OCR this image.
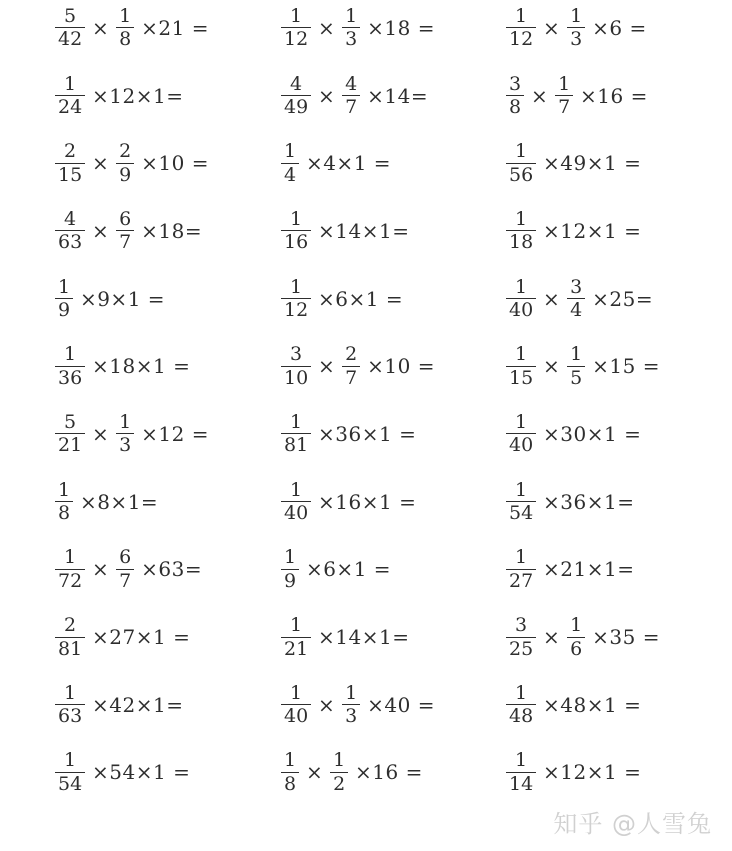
$\frac{5}{42} \times \frac{1}{8} \times 21$ =	$\frac{1}{12} \times \frac{1}{3} \times 18$ =	$\frac{1}{12} \times \frac{1}{3} \times 6$ =
$\frac{1}{24} \times 12\times 1=$	$\frac{4}{49} \times \frac{4}{7} \times 14=$	$\frac{3}{8} \times \frac{1}{7} \times 16$ =
$\frac{2}{15} \times \frac{2}{9} \times 10$ =	$\frac{1}{4} \times 4\times 1$ =	$\frac{1}{56} \times 49\times 1$ =
$\frac{4}{63} \times \frac{6}{7} \times 18=$	$\frac{1}{16} \times 14\times 1=$	$\frac{1}{18} \times 12\times 1$ =
$\frac{1}{9} \times 9\times 1$ =	$\frac{1}{12} \times 6\times 1$ =	$\frac{1}{40} \times \frac{3}{4} \times 25=$
$\frac{1}{36} \times 18\times 1$ =	$\frac{3}{10} \times \frac{2}{7} \times 10$ =	$\frac{1}{15} \times \frac{1}{5} \times 15$ =
$\frac{5}{21} \times \frac{1}{3} \times 12$ =	$\frac{1}{81} \times 36\times 1$ =	$\frac{1}{40} \times 30\times 1$ =
$\frac{1}{8} \times 8\times 1=$	$\frac{1}{40} \times 16\times 1$ =	$\frac{1}{54} \times 36\times 1=$
$\frac{1}{72} \times \frac{6}{7} \times 63=$	$\frac{1}{9} \times 6\times 1$ =	$\frac{1}{27} \times 21\times 1=$
$\frac{2}{81} \times 27\times 1$ =	$\frac{1}{21} \times 14\times 1=$	$\frac{3}{25} \times \frac{1}{6} \times 35$ =
$\frac{1}{63} \times 42\times 1=$	$\frac{1}{40} \times \frac{1}{3} \times 40$ =	$\frac{1}{48} \times 48\times 1$ =
$\frac{1}{54} \times 54\times 1$ =	$\frac{1}{8} \times \frac{1}{2} \times 16$ =	$\frac{1}{14} \times 12\times 1$ =
知乎 @人雪兔
